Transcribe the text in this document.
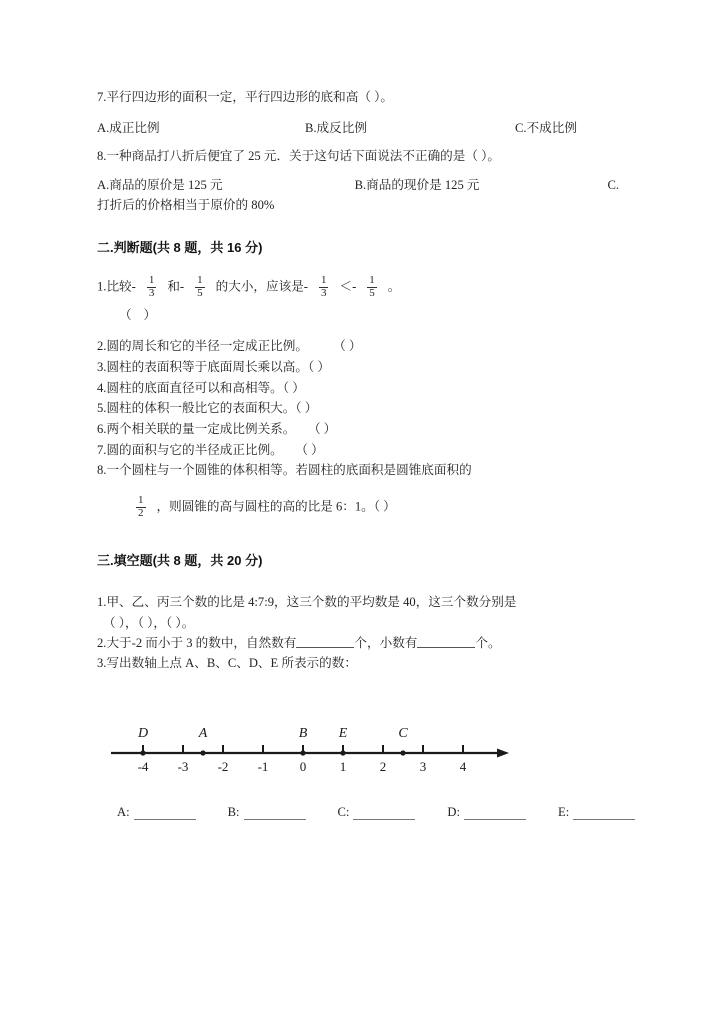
7.平行四边形的面积一定，平行四边形的底和高（ ）。
A.成正比例	B.成反比例	C.不成比例
8.一种商品打八折后便宜了 25 元．关于这句话下面说法不正确的是（ ）。
A.商品的原价是 125 元	B.商品的现价是 125 元	C.打折后的价格相当于原价的 80%
二.判断题(共 8 题，共 16 分)
1.比较- $\frac{1}{3}$ 和- $\frac{1}{5}$ 的大小，应该是- $\frac{1}{3} <- \frac{1}{5}$ 。
（ ）
2.圆的周长和它的半径一定成正比例。　　　（ ）
3.圆柱的表面积等于底面周长乘以高。（ ）
4.圆柱的底面直径可以和高相等。（ ）
5.圆柱的体积一般比它的表面积大。（ ）
6.两个相关联的量一定成比例关系。　　（ ）
7.圆的面积与它的半径成正比例。　　（ ）
8.一个圆柱与一个圆锥的体积相等。若圆柱的底面积是圆锥底面积的
$\frac{1}{2}$ ，则圆锥的高与圆柱的高的比是 6：1。（ ）
三.填空题(共 8 题，共 20 分)
1.甲、乙、丙三个数的比是 4:7:9，这三个数的平均数是 40，这三个数分别是
（ ），（ ），（ ）。
2.大于-2 而小于 3 的数中，自然数有	个，小数有	个。
3.写出数轴上点 A、B、C、D、E 所表示的数：
D	A	B E	C
-4 -3 -2 -1 0	1	2	3	4
A:	B:	C:	D:	E:
